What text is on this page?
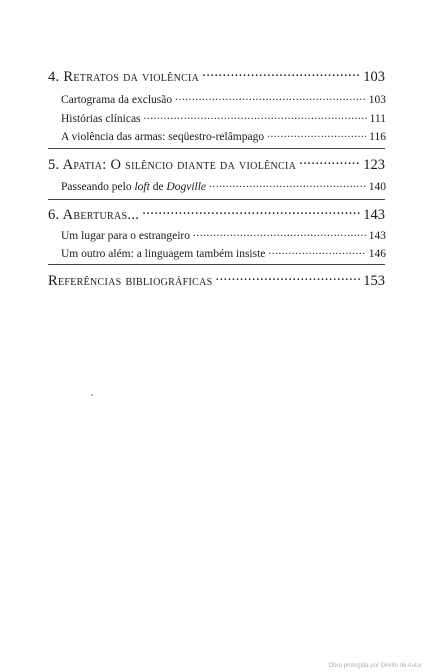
4. Retratos da violência . . .	103
Cartograma da exclusão . . .	103
Histórias clínicas . . .	111
A violência das armas: seqüestro-relâmpago . . .	116
5. Apatia: O silêncio diante da violência . . .	123
Passeando pelo loft de Dogville . . .	140
6. Aberturas... . . .	143
Um lugar para o estrangeiro . . .	143
Um outro além: a linguagem também insiste . . .	146
Referências bibliográficas . . .	153
Obra protegida por Direito de Autor
